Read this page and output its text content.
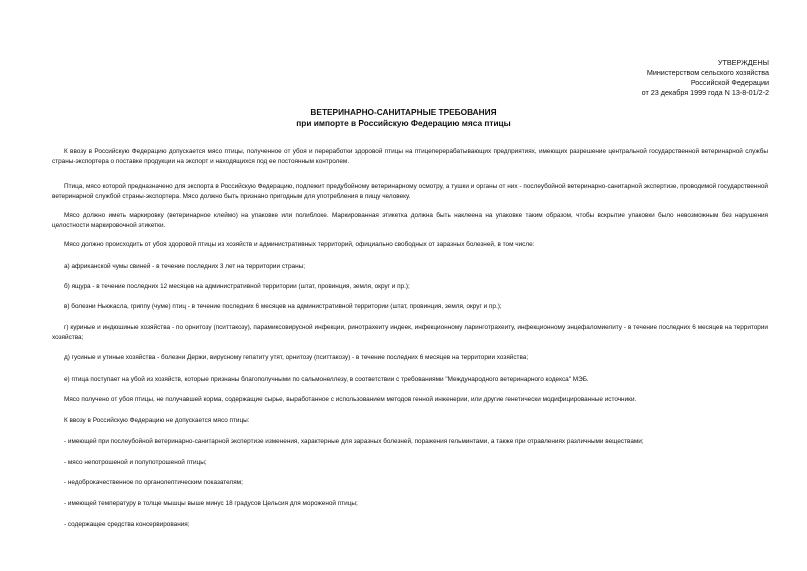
УТВЕРЖДЕНЫ
Министерством сельского хозяйства
Российской Федерации
от 23 декабря 1999 года N 13-8-01/2-2
ВЕТЕРИНАРНО-САНИТАРНЫЕ ТРЕБОВАНИЯ
при импорте в Российскую Федерацию мяса птицы

К ввозу в Российскую Федерацию допускается мясо птицы, полученное от убоя и переработки здоровой птицы на птицеперерабатывающих предприятиях, имеющих разрешение центральной государственной ветеринарной службы страны-экспортера о поставке продукции на экспорт и находящихся под ее постоянным контролем.

Птица, мясо которой предназначено для экспорта в Российскую Федерацию, подлежит предубойному ветеринарному осмотру, а тушки и органы от них - послеубойной ветеринарно-санитарной экспертизе, проводимой государственной ветеринарной службой страны-экспортера. Мясо должно быть признано пригодным для употребления в пищу человеку.

Мясо должно иметь маркировку (ветеринарное клеймо) на упаковке или полиблоке. Маркированная этикетка должна быть наклеена на упаковке таким образом, чтобы вскрытие упаковки было невозможным без нарушения целостности маркировочной этикетки.

Мясо должно происходить от убоя здоровой птицы из хозяйств и административных территорий, официально свободных от заразных болезней, в том числе:

а) африканской чумы свиней - в течение последних 3 лет на территории страны;

б) ящура - в течение последних 12 месяцев на административной территории (штат, провинция, земля, округ и пр.);

в) болезни Ньюкасла, гриппу (чуме) птиц - в течение последних 6 месяцев на административной территории (штат, провинция, земля, округ и пр.);

г) куриные и индюшиные хозяйства - по орнитозу (пситтакозу), парамиксовирусной инфекции, ринотрахеиту индеек, инфекционному ларинготрахеиту, инфекционному энцефаломиелиту - в течение последних 6 месяцев на территории хозяйства;

д) гусиные и утиные хозяйства - болезни Держи, вирусному гепатиту утят, орнитозу (пситтакозу) - в течение последних 6 месяцев на территории хозяйства;

е) птица поступает на убой из хозяйств, которые признаны благополучными по сальмонеллезу, в соответствии с требованиями "Международного ветеринарного кодекса" МЭБ.

Мясо получено от убоя птицы, не получавшей корма, содержащие сырье, выработанное с использованием методов генной инженерии, или другие генетически модифицированные источники.

К ввозу в Российскую Федерацию не допускается мясо птицы:

- имеющей при послеубойной ветеринарно-санитарной экспертизе изменения, характерные для заразных болезней, поражения гельминтами, а также при отравлениях различными веществами;

- мясо непотрошеной и полупотрошеной птицы;

- недоброкачественное по органолептическим показателям;

- имеющей температуру в толще мышцы выше минус 18 градусов Цельсия для мороженой птицы;

- содержащее средства консервирования;
